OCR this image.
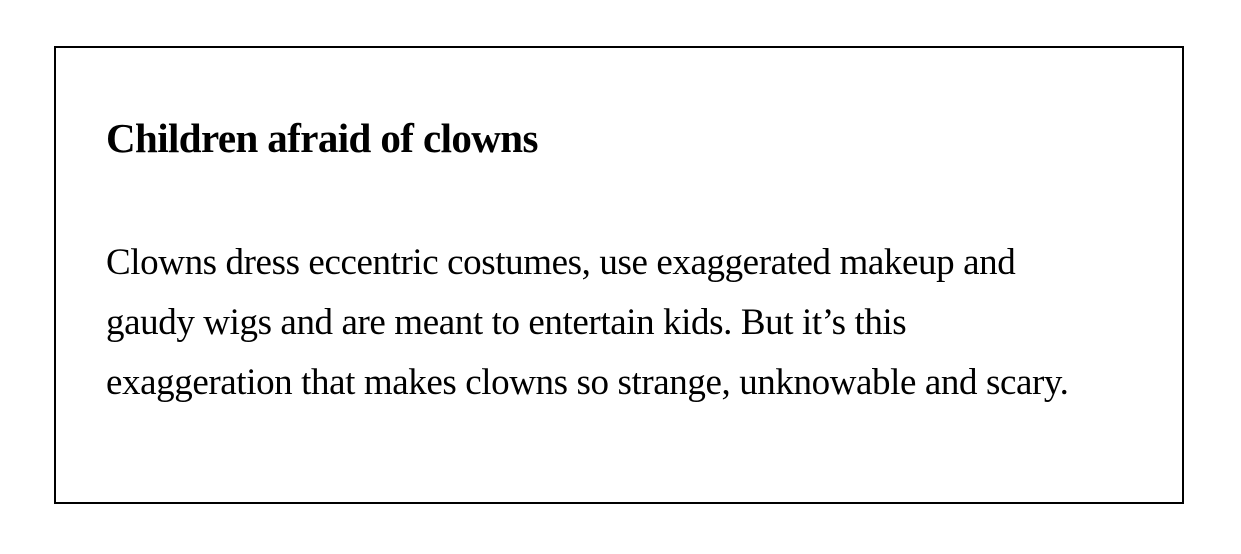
Children afraid of clowns

Clowns dress eccentric costumes, use exaggerated makeup and
gaudy wigs and are meant to entertain kids. But it’s this
exaggeration that makes clowns so strange, unknowable and scary.
